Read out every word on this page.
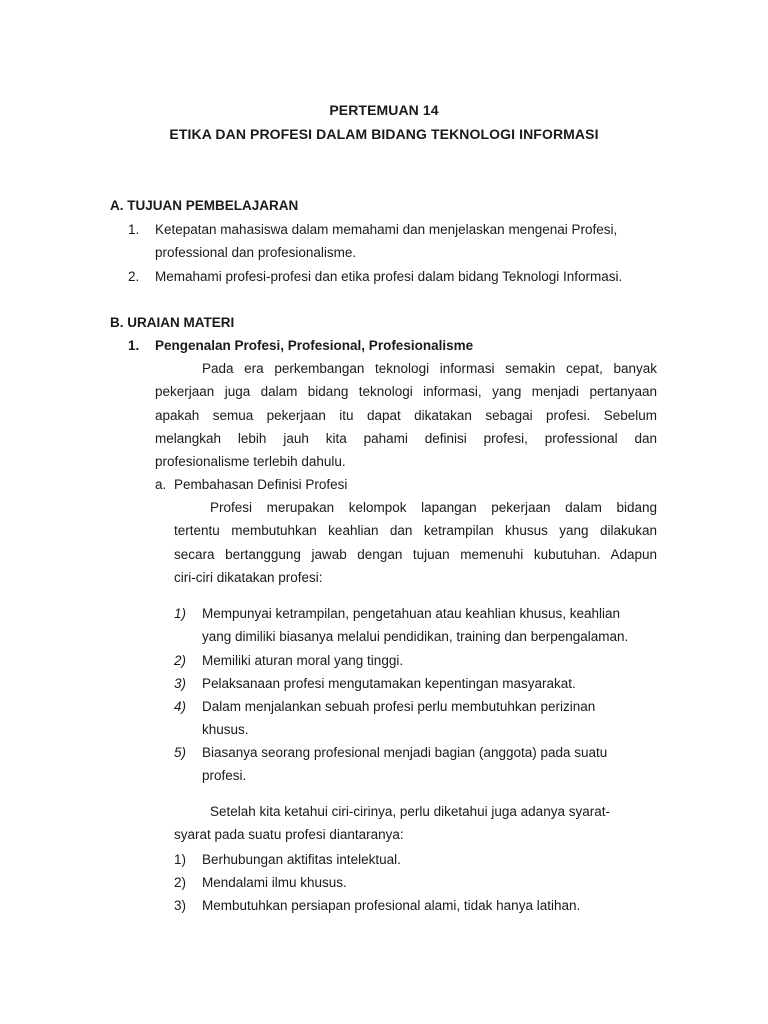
PERTEMUAN 14
ETIKA DAN PROFESI DALAM BIDANG TEKNOLOGI INFORMASI
A. TUJUAN PEMBELAJARAN
1. Ketepatan mahasiswa dalam memahami dan menjelaskan mengenai Profesi,
professional dan profesionalisme.
2. Memahami profesi-profesi dan etika profesi dalam bidang Teknologi Informasi.
B. URAIAN MATERI
1. Pengenalan Profesi, Profesional, Profesionalisme
Pada era perkembangan teknologi informasi semakin cepat, banyak
pekerjaan juga dalam bidang teknologi informasi, yang menjadi pertanyaan
apakah semua pekerjaan itu dapat dikatakan sebagai profesi. Sebelum
melangkah lebih jauh kita pahami definisi profesi, professional dan
profesionalisme terlebih dahulu.
a. Pembahasan Definisi Profesi
Profesi merupakan kelompok lapangan pekerjaan dalam bidang
tertentu membutuhkan keahlian dan ketrampilan khusus yang dilakukan
secara bertanggung jawab dengan tujuan memenuhi kubutuhan. Adapun
ciri-ciri dikatakan profesi:
1) Mempunyai ketrampilan, pengetahuan atau keahlian khusus, keahlian
yang dimiliki biasanya melalui pendidikan, training dan berpengalaman.
2) Memiliki aturan moral yang tinggi.
3) Pelaksanaan profesi mengutamakan kepentingan masyarakat.
4) Dalam menjalankan sebuah profesi perlu membutuhkan perizinan
khusus.
5) Biasanya seorang profesional menjadi bagian (anggota) pada suatu
profesi.
Setelah kita ketahui ciri-cirinya, perlu diketahui juga adanya syarat-
syarat pada suatu profesi diantaranya:
1) Berhubungan aktifitas intelektual.
2) Mendalami ilmu khusus.
3) Membutuhkan persiapan profesional alami, tidak hanya latihan.
